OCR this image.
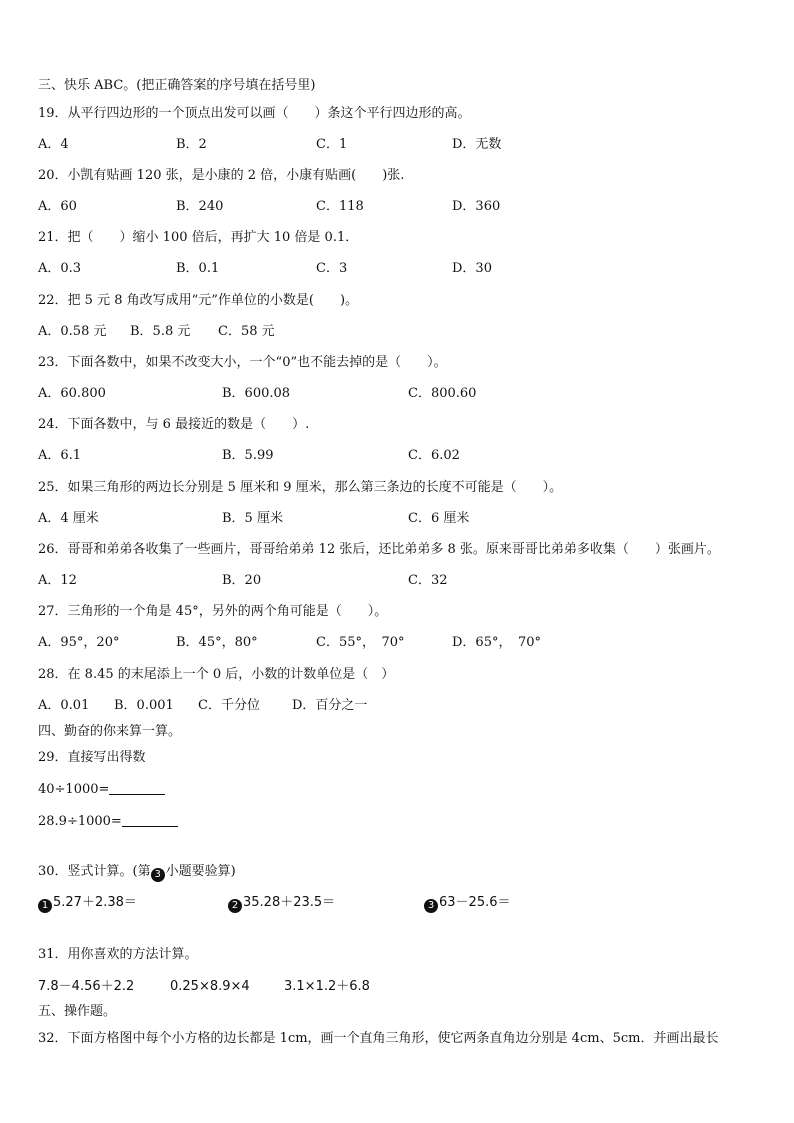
三、快乐 ABC。(把正确答案的序号填在括号里)
19．从平行四边形的一个顶点出发可以画（　　）条这个平行四边形的高。
A．4	B．2	C．1	D．无数
20．小凯有贴画 120 张，是小康的 2 倍，小康有贴画(　　)张.
A．60	B．240	C．118	D．360
21．把（　　）缩小 100 倍后，再扩大 10 倍是 0.1．
A．0.3	B．0.1	C．3	D．30
22．把 5 元 8 角改写成用“元”作单位的小数是(　　)。
A．0.58 元 B．5.8 元 C．58 元
23．下面各数中，如果不改变大小，一个“0”也不能去掉的是（　　）。
A．60.800	B．600.08	C．800.60
24．下面各数中，与 6 最接近的数是（　　）.
A．6.1	B．5.99	C．6.02
25．如果三角形的两边长分别是 5 厘米和 9 厘米，那么第三条边的长度不可能是（　　）。
A．4 厘米	B．5 厘米	C．6 厘米
26．哥哥和弟弟各收集了一些画片，哥哥给弟弟 12 张后，还比弟弟多 8 张。原来哥哥比弟弟多收集（　　）张画片。
A．12	B．20	C．32
27．三角形的一个角是 45°，另外的两个角可能是（　　）。
A．95°，20°	B．45°，80°	C．55°，　70°	D．65°，　70°
28．在 8.45 的末尾添上一个 0 后，小数的计数单位是（　）
A．0.01 B．0.001 C．千分位 D．百分之一
四、勤奋的你来算一算。
29．直接写出得数
40÷1000=
28.9÷1000=
30．竖式计算。(第 3 小题要验算)
1 5.27＋2.38＝	2 35.28＋23.5＝	3 63－25.6＝
31．用你喜欢的方法计算。
7.8－4.56＋2.2	0.25×8.9×4	3.1×1.2＋6.8
五、操作题。
32．下面方格图中每个小方格的边长都是 1cm，画一个直角三角形，使它两条直角边分别是 4cm、5cm．并画出最长
